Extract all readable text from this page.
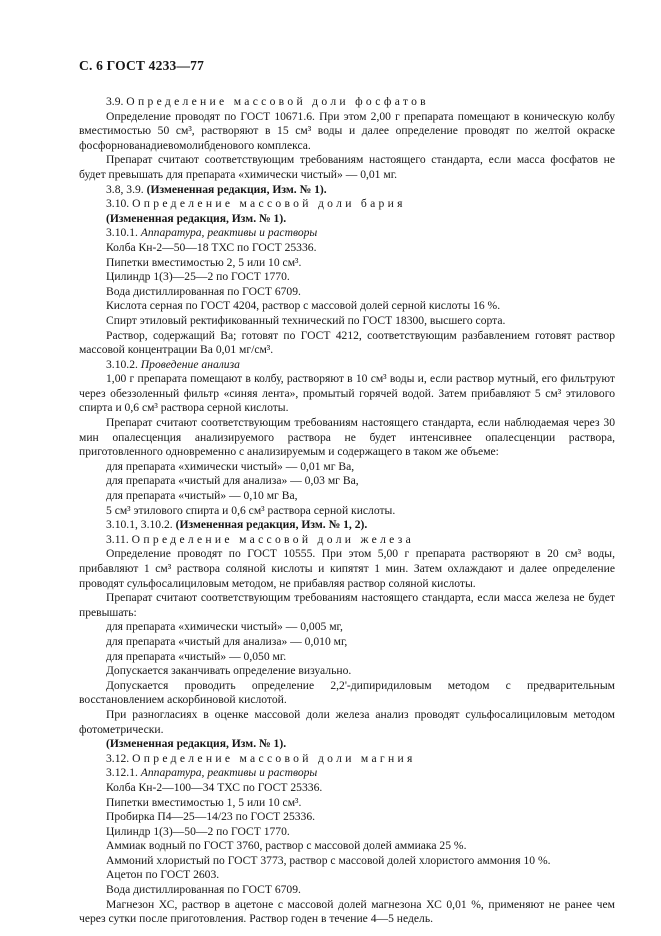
С. 6 ГОСТ 4233—77
3.9. Определение массовой доли фосфатов
Определение проводят по ГОСТ 10671.6. При этом 2,00 г препарата помещают в коническую колбу вместимостью 50 см³, растворяют в 15 см³ воды и далее определение проводят по желтой окраске фосфорнованадиевомолибденового комплекса.
Препарат считают соответствующим требованиям настоящего стандарта, если масса фосфатов не будет превышать для препарата «химически чистый» — 0,01 мг.
3.8, 3.9. (Измененная редакция, Изм. № 1).
3.10. Определение массовой доли бария
(Измененная редакция, Изм. № 1).
3.10.1. Аппаратура, реактивы и растворы
Колба Кн-2—50—18 ТХС по ГОСТ 25336.
Пипетки вместимостью 2, 5 или 10 см³.
Цилиндр 1(3)—25—2 по ГОСТ 1770.
Вода дистиллированная по ГОСТ 6709.
Кислота серная по ГОСТ 4204, раствор с массовой долей серной кислоты 16 %.
Спирт этиловый ректификованный технический по ГОСТ 18300, высшего сорта.
Раствор, содержащий Ва; готовят по ГОСТ 4212, соответствующим разбавлением готовят раствор массовой концентрации Ва 0,01 мг/см³.
3.10.2. Проведение анализа
1,00 г препарата помещают в колбу, растворяют в 10 см³ воды и, если раствор мутный, его фильтруют через обеззоленный фильтр «синяя лента», промытый горячей водой. Затем прибавляют 5 см³ этилового спирта и 0,6 см³ раствора серной кислоты.
Препарат считают соответствующим требованиям настоящего стандарта, если наблюдаемая через 30 мин опалесценция анализируемого раствора не будет интенсивнее опалесценции раствора, приготовленного одновременно с анализируемым и содержащего в таком же объеме:
для препарата «химически чистый» — 0,01 мг Ва,
для препарата «чистый для анализа» — 0,03 мг Ва,
для препарата «чистый» — 0,10 мг Ва,
5 см³ этилового спирта и 0,6 см³ раствора серной кислоты.
3.10.1, 3.10.2. (Измененная редакция, Изм. № 1, 2).
3.11. Определение массовой доли железа
Определение проводят по ГОСТ 10555. При этом 5,00 г препарата растворяют в 20 см³ воды, прибавляют 1 см³ раствора соляной кислоты и кипятят 1 мин. Затем охлаждают и далее определение проводят сульфосалициловым методом, не прибавляя раствор соляной кислоты.
Препарат считают соответствующим требованиям настоящего стандарта, если масса железа не будет превышать:
для препарата «химически чистый» — 0,005 мг,
для препарата «чистый для анализа» — 0,010 мг,
для препарата «чистый» — 0,050 мг.
Допускается заканчивать определение визуально.
Допускается проводить определение 2,2'-дипиридиловым методом с предварительным восстановлением аскорбиновой кислотой.
При разногласиях в оценке массовой доли железа анализ проводят сульфосалициловым методом фотометрически.
(Измененная редакция, Изм. № 1).
3.12. Определение массовой доли магния
3.12.1. Аппаратура, реактивы и растворы
Колба Кн-2—100—34 ТХС по ГОСТ 25336.
Пипетки вместимостью 1, 5 или 10 см³.
Пробирка П4—25—14/23 по ГОСТ 25336.
Цилиндр 1(3)—50—2 по ГОСТ 1770.
Аммиак водный по ГОСТ 3760, раствор с массовой долей аммиака 25 %.
Аммоний хлористый по ГОСТ 3773, раствор с массовой долей хлористого аммония 10 %.
Ацетон по ГОСТ 2603.
Вода дистиллированная по ГОСТ 6709.
Магнезон ХС, раствор в ацетоне с массовой долей магнезона ХС 0,01 %, применяют не ранее чем через сутки после приготовления. Раствор годен в течение 4—5 недель.
